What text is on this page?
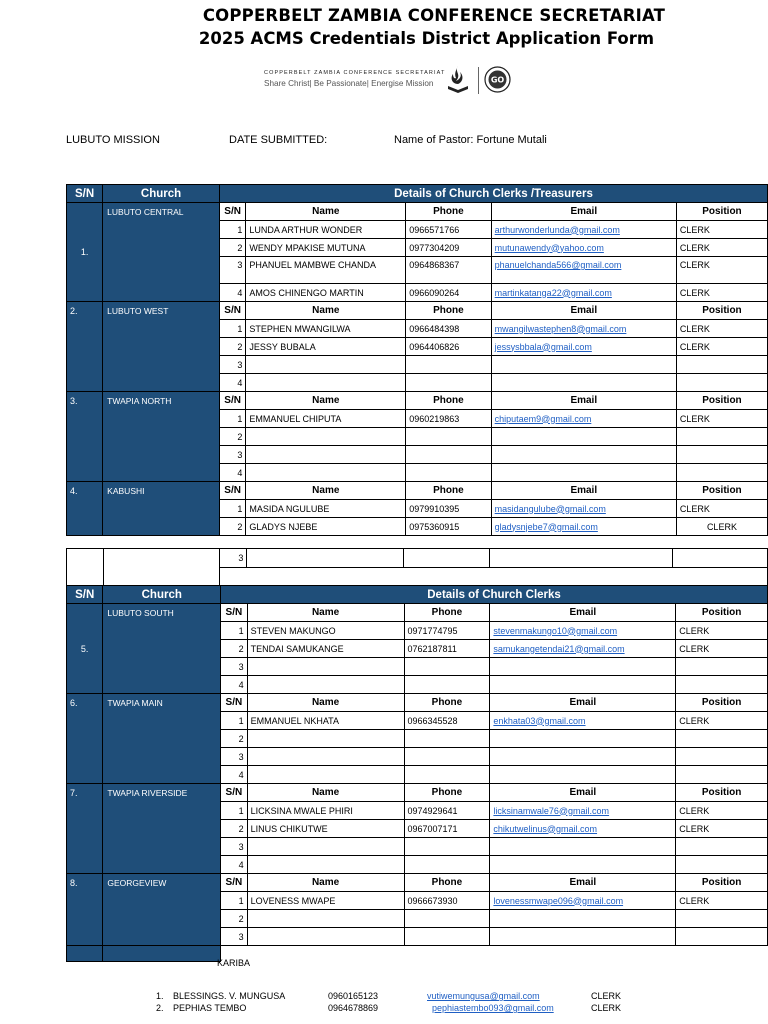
COPPERBELT ZAMBIA CONFERENCE SECRETARIAT
2025 ACMS Credentials District Application Form
COPPERBELT ZAMBIA CONFERENCE SECRETARIAT
Share Christ| Be Passionate| Energise Mission	GO
LUBUTO MISSION	DATE SUBMITTED:	Name of Pastor: Fortune Mutali
S/N	Church	Details of Church Clerks /Treasurers				
1.	LUBUTO CENTRAL	S/N	Name	Phone	Email	Position
		1	LUNDA ARTHUR WONDER	0966571766	arthurwonderlunda@gmail.com	CLERK
		2	WENDY MPAKISE MUTUNA	0977304209	mutunawendy@yahoo.com	CLERK
		3	PHANUEL MAMBWE CHANDA	0964868367	phanuelchanda566@gmail.com	CLERK
		4	AMOS CHINENGO MARTIN	0966090264	martinkatanga22@gmail.com	CLERK
2.	LUBUTO WEST	S/N	Name	Phone	Email	Position
		1	STEPHEN MWANGILWA	0966484398	mwangilwastephen8@gmail.com	CLERK
		2	JESSY BUBALA	0964406826	jessysbbala@gmail.com	CLERK
		3				
		4				
3.	TWAPIA NORTH	S/N	Name	Phone	Email	Position
		1	EMMANUEL CHIPUTA	0960219863	chiputaem9@gmail.com	CLERK
		2				
		3				
		4				
4.	KABUSHI	S/N	Name	Phone	Email	Position
		1	MASIDA NGULUBE	0979910395	masidangulube@gmail.com	CLERK
		2	GLADYS NJEBE	0975360915	gladysnjebe7@gmail.com	CLERK
		3				

S/N	Church	Details of Church Clerks				
5.	LUBUTO SOUTH	S/N	Name	Phone	Email	Position
		1	STEVEN MAKUNGO	0971774795	stevenmakungo10@gmail.com	CLERK
		2	TENDAI SAMUKANGE	0762187811	samukangetendai21@gmail.com	CLERK
		3				
		4				
6.	TWAPIA MAIN	S/N	Name	Phone	Email	Position
		1	EMMANUEL NKHATA	0966345528	enkhata03@gmail.com	CLERK
		2				
		3				
		4				
7.	TWAPIA RIVERSIDE	S/N	Name	Phone	Email	Position
		1	LICKSINA MWALE PHIRI	0974929641	licksinamwale76@gmail.com	CLERK
		2	LINUS CHIKUTWE	0967007171	chikutwelinus@gmail.com	CLERK
		3				
		4				
8.	GEORGEVIEW	S/N	Name	Phone	Email	Position
		1	LOVENESS MWAPE	0966673930	lovenessmwape096@gmail.com	CLERK
		2				
		3				

KARIBA
1. BLESSINGS. V. MUNGUSA	0960165123	vutiwemungusa@gmail.com	CLERK
2. PEPHIAS TEMBO	0964678869	pephiastembo093@gmail.com	CLERK
